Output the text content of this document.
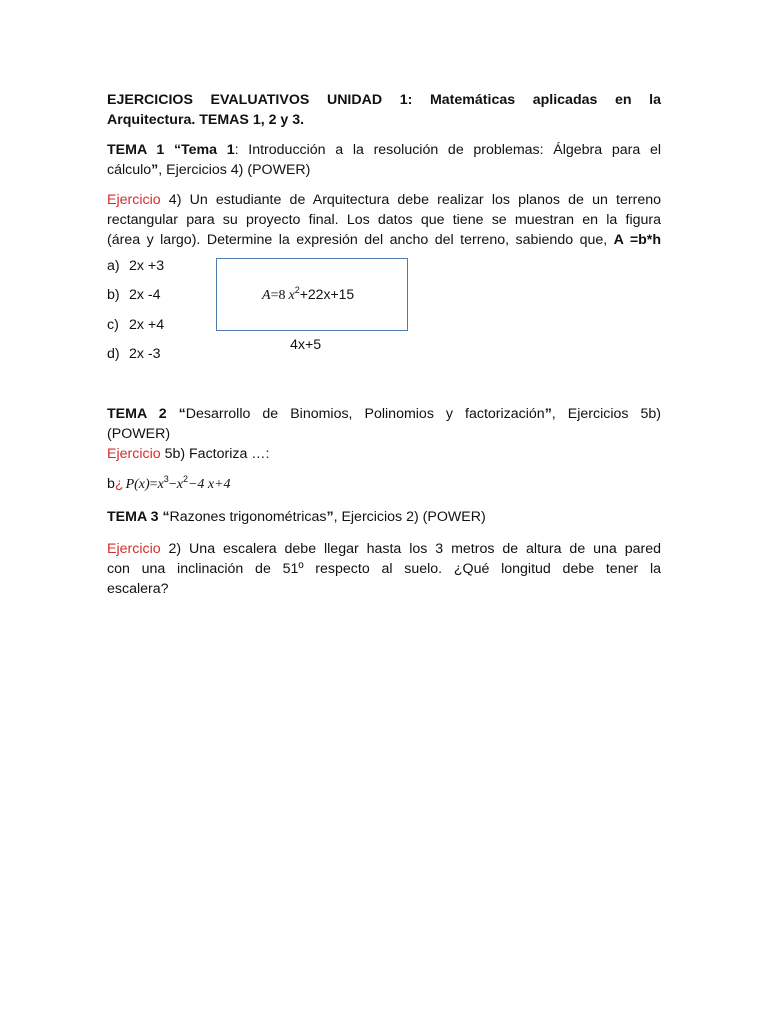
EJERCICIOS EVALUATIVOS UNIDAD 1: Matemáticas aplicadas en la

Arquitectura. TEMAS 1, 2 y 3.

TEMA 1 “Tema 1: Introducción a la resolución de problemas: Álgebra para el

cálculo”, Ejercicios 4) (POWER)

Ejercicio 4) Un estudiante de Arquitectura debe realizar los planos de un terreno

rectangular para su proyecto final. Los datos que tiene se muestran en la figura

(área y largo). Determine la expresión del ancho del terreno, sabiendo que, A =b*h

a) 2x +3
b) 2x -4
c) 2x +4
d) 2x -3
A=8 $x^2+22x+15$
4x+5

TEMA 2 “Desarrollo de Binomios, Polinomios y factorización”, Ejercicios 5b)

(POWER)

Ejercicio 5b) Factoriza …:

b¿ $P(x)=x^3-x^2-4$ x+4

TEMA 3 “Razones trigonométricas”, Ejercicios 2) (POWER)

Ejercicio 2) Una escalera debe llegar hasta los 3 metros de altura de una pared

con una inclinación de 51º respecto al suelo. ¿Qué longitud debe tener la

escalera?
